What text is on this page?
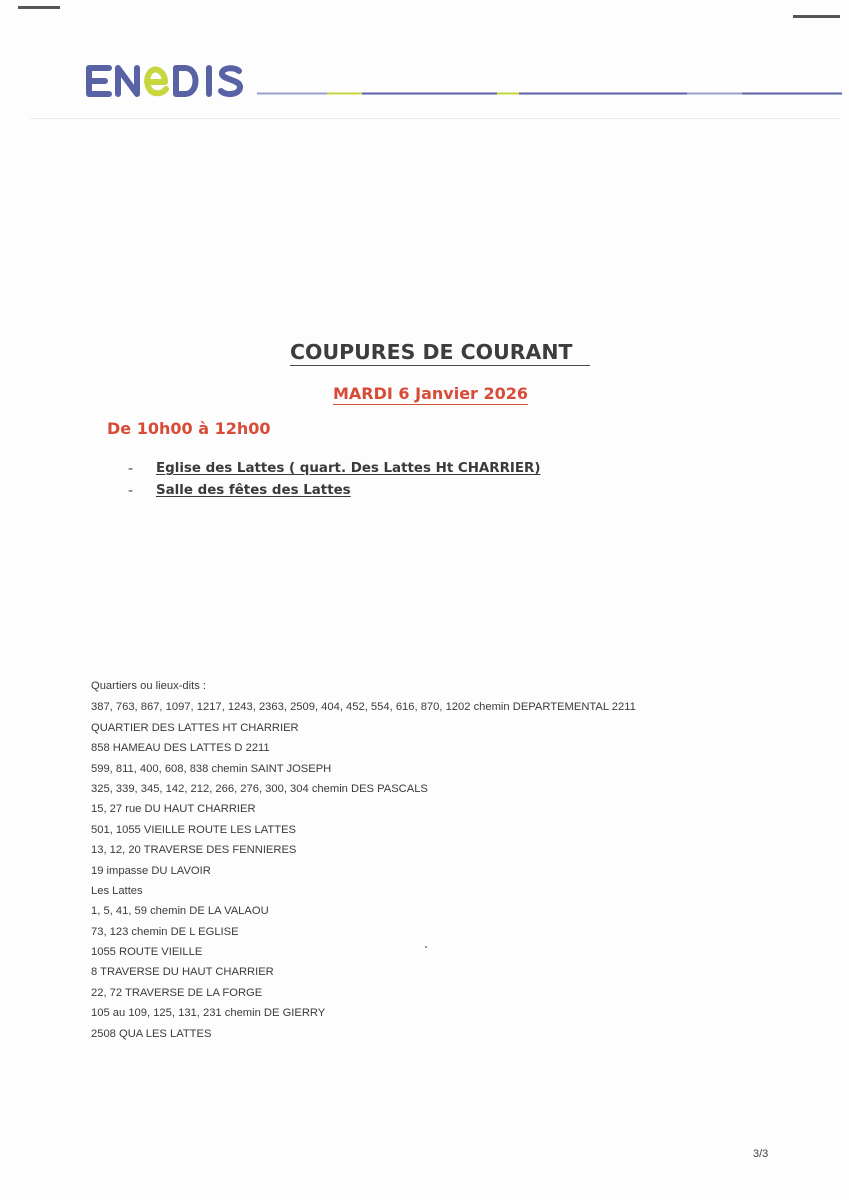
COUPURES DE COURANT
MARDI 6 Janvier 2026
De 10h00 à 12h00
- Eglise des Lattes ( quart. Des Lattes Ht CHARRIER)
- Salle des fêtes des Lattes
Quartiers ou lieux-dits :
387, 763, 867, 1097, 1217, 1243, 2363, 2509, 404, 452, 554, 616, 870, 1202 chemin DEPARTEMENTAL 2211
QUARTIER DES LATTES HT CHARRIER
858 HAMEAU DES LATTES D 2211
599, 811, 400, 608, 838 chemin SAINT JOSEPH
325, 339, 345, 142, 212, 266, 276, 300, 304 chemin DES PASCALS
15, 27 rue DU HAUT CHARRIER
501, 1055 VIEILLE ROUTE LES LATTES
13, 12, 20 TRAVERSE DES FENNIERES
19 impasse DU LAVOIR
Les Lattes
1, 5, 41, 59 chemin DE LA VALAOU
73, 123 chemin DE L EGLISE
1055 ROUTE VIEILLE
8 TRAVERSE DU HAUT CHARRIER
22, 72 TRAVERSE DE LA FORGE
105 au 109, 125, 131, 231 chemin DE GIERRY
2508 QUA LES LATTES
3/3
